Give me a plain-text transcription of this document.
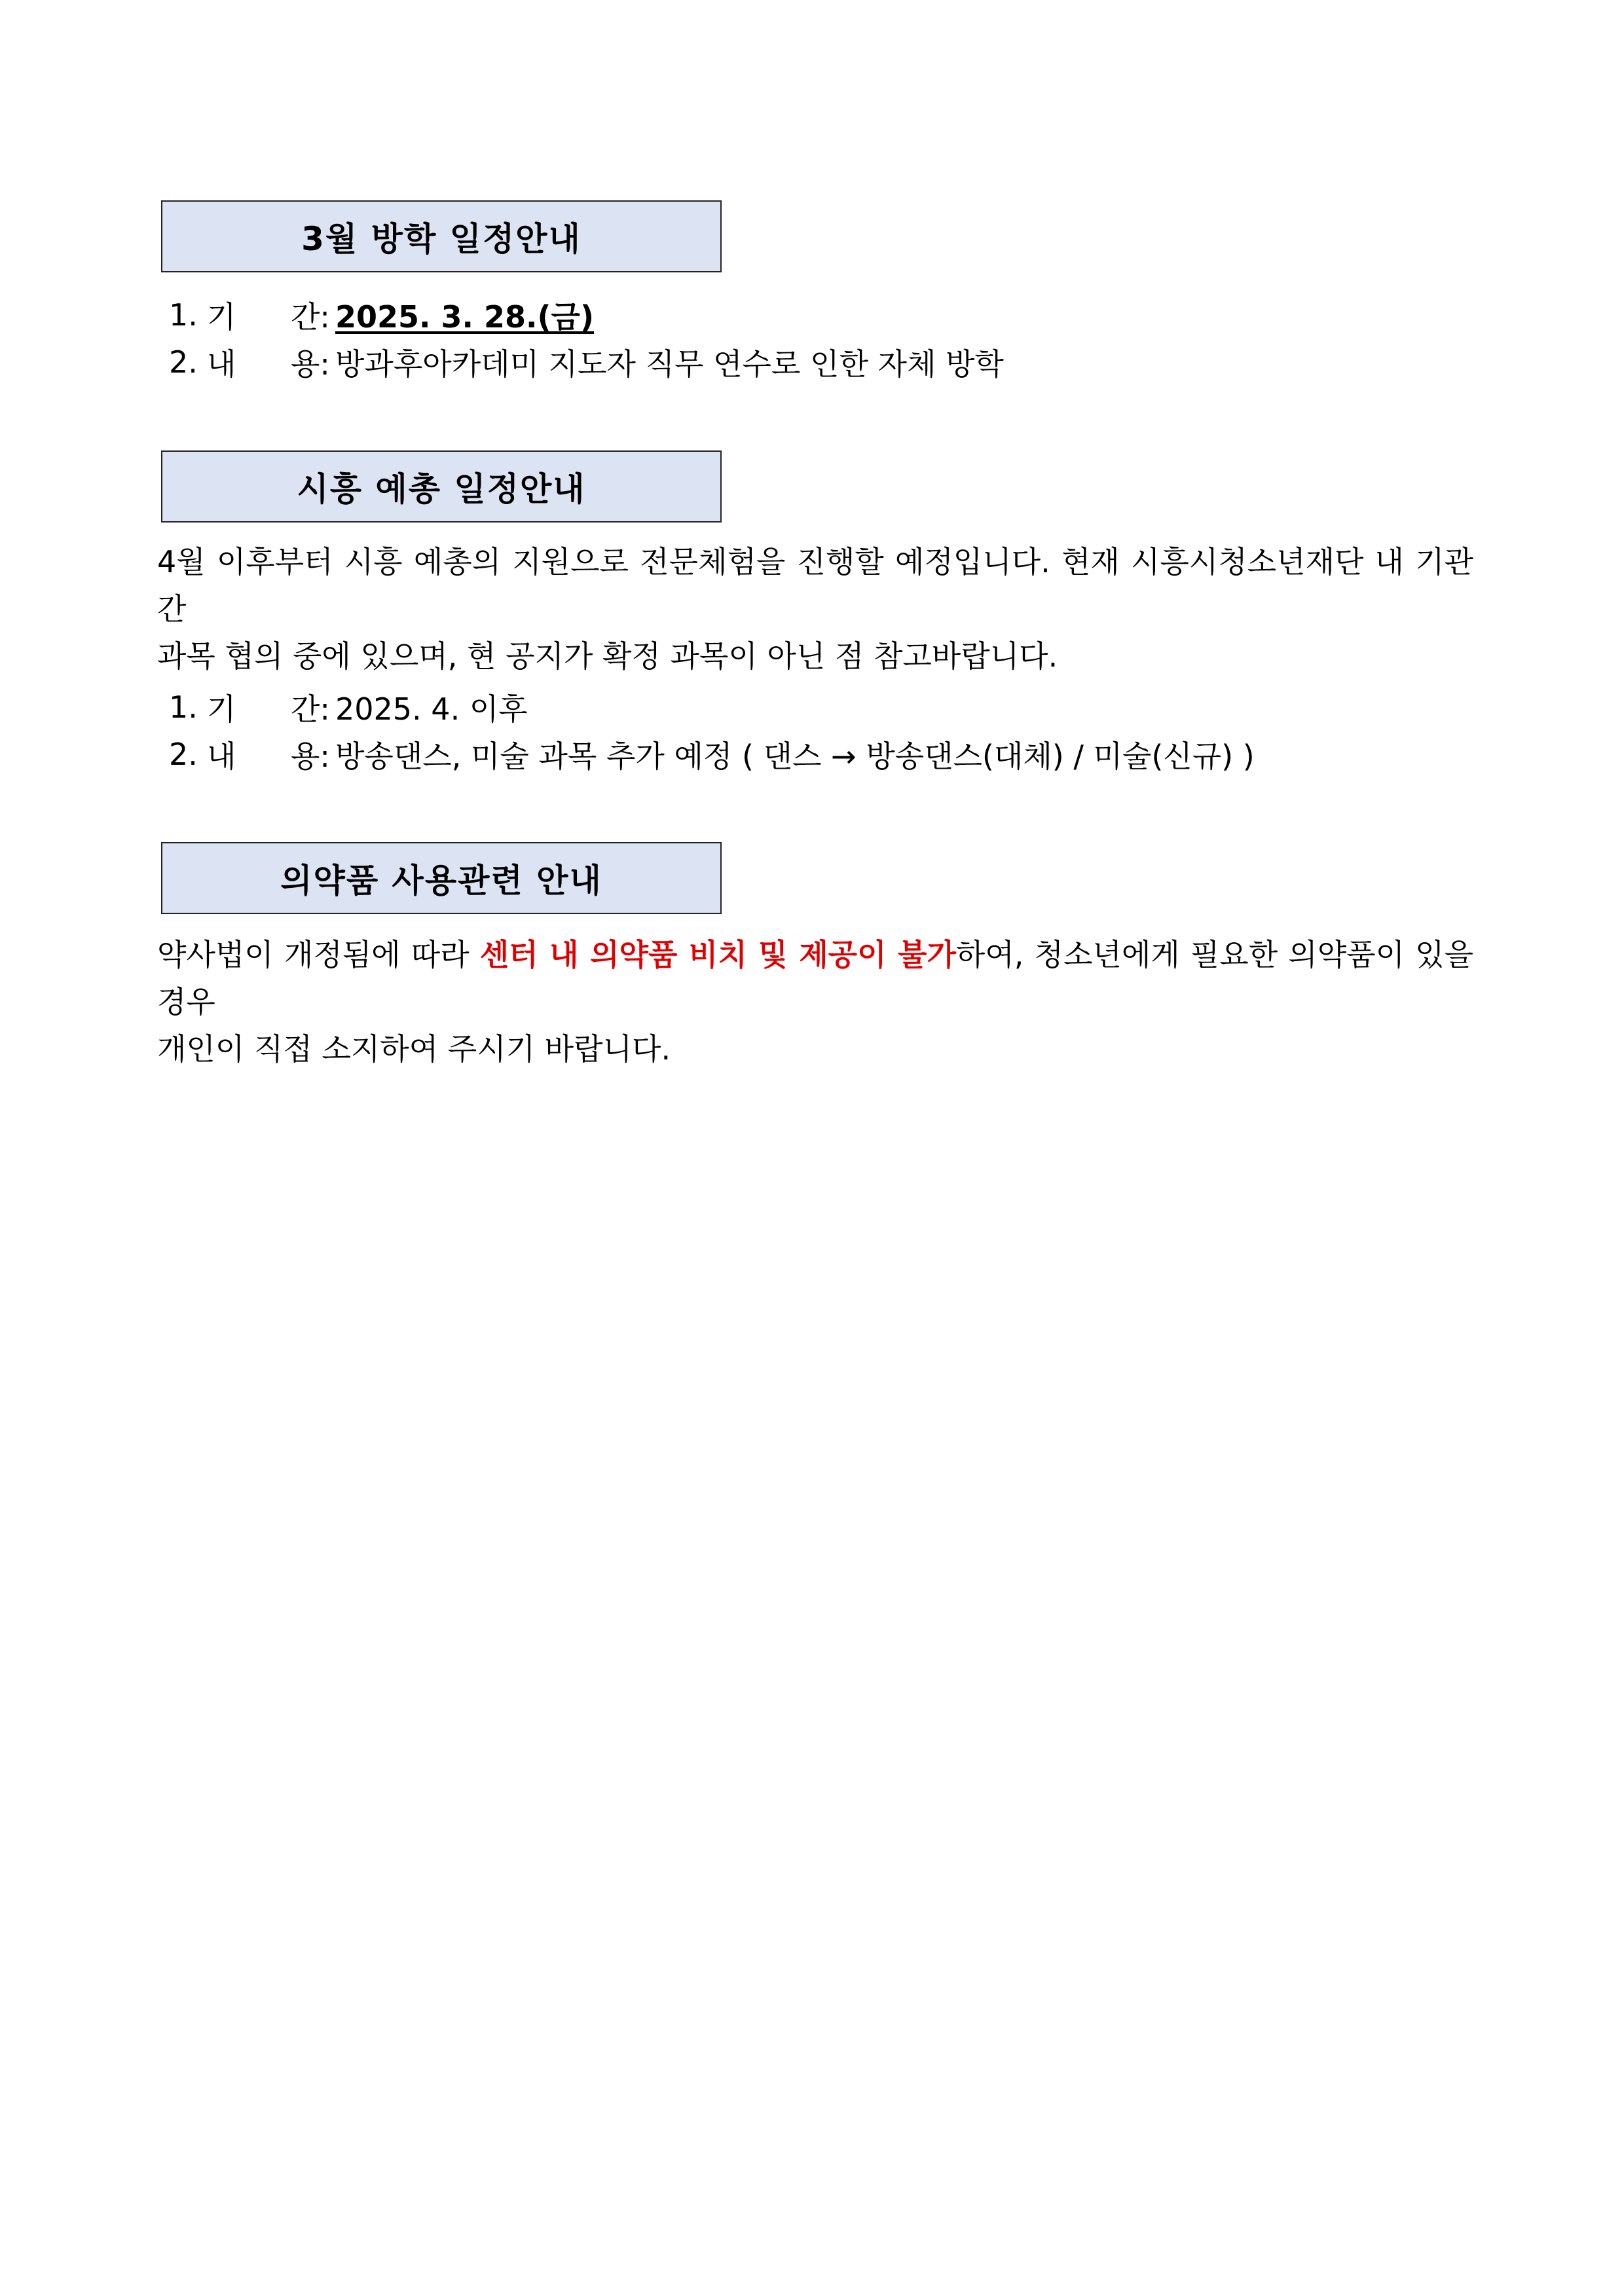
3월 방학 일정안내
1. 기	간: 2025. 3. 28.(금)
2. 내	용: 방과후아카데미 지도자 직무 연수로 인한 자체 방학
시흥 예총 일정안내
4월 이후부터 시흥 예총의 지원으로 전문체험을 진행할 예정입니다. 현재 시흥시청소년재단 내 기관 간
과목 협의 중에 있으며, 현 공지가 확정 과목이 아닌 점 참고바랍니다.
1. 기	간: 2025. 4. 이후
2. 내	용: 방송댄스, 미술 과목 추가 예정 ( 댄스 → 방송댄스(대체) / 미술(신규) )
의약품 사용관련 안내
약사법이 개정됨에 따라 센터 내 의약품 비치 및 제공이 불가하여, 청소년에게 필요한 의약품이 있을 경우
개인이 직접 소지하여 주시기 바랍니다.
